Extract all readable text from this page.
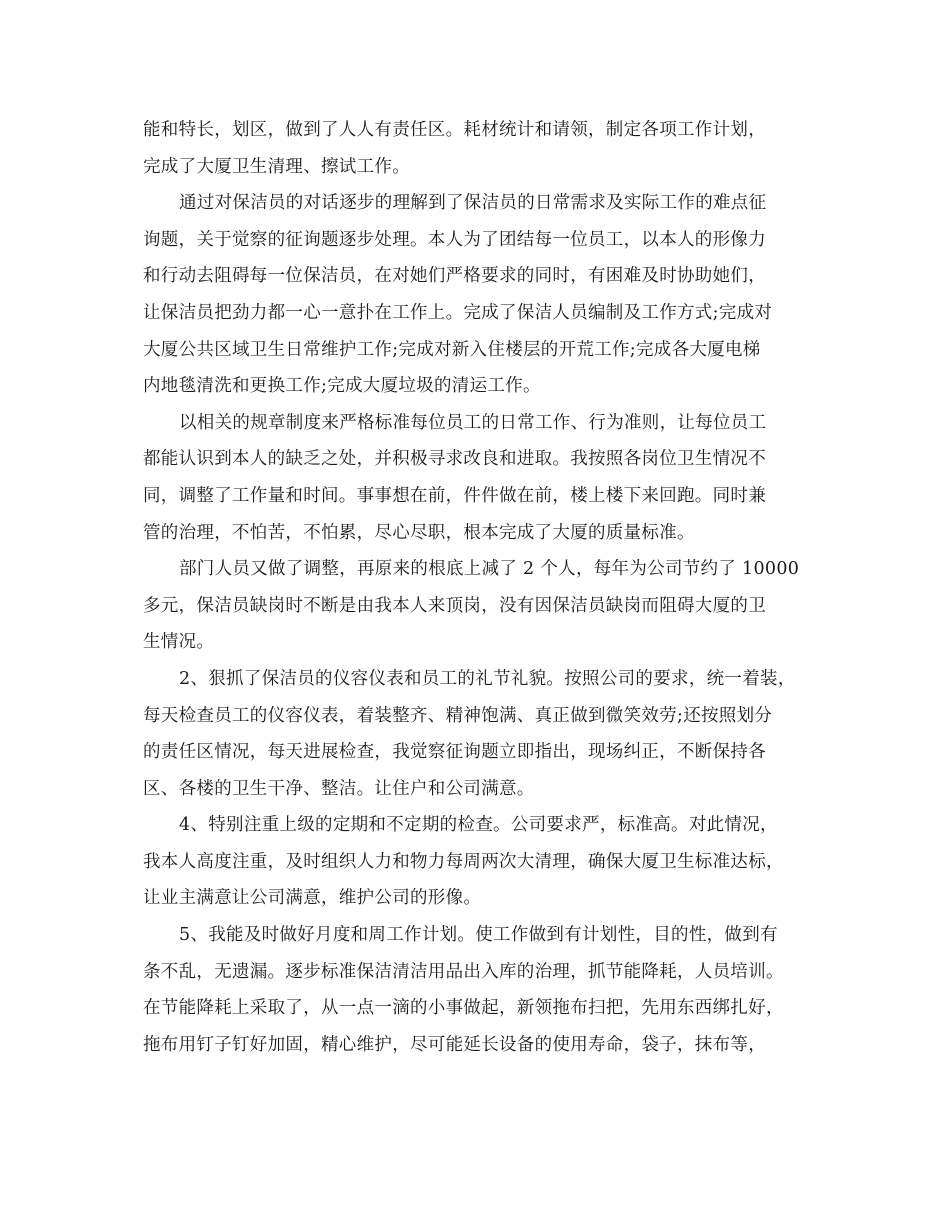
能和特长，划区，做到了人人有责任区。耗材统计和请领，制定各项工作计划，
完成了大厦卫生清理、擦试工作。
通过对保洁员的对话逐步的理解到了保洁员的日常需求及实际工作的难点征
询题，关于觉察的征询题逐步处理。本人为了团结每一位员工，以本人的形像力
和行动去阻碍每一位保洁员，在对她们严格要求的同时，有困难及时协助她们，
让保洁员把劲力都一心一意扑在工作上。完成了保洁人员编制及工作方式;完成对
大厦公共区域卫生日常维护工作;完成对新入住楼层的开荒工作;完成各大厦电梯
内地毯清洗和更换工作;完成大厦垃圾的清运工作。
以相关的规章制度来严格标准每位员工的日常工作、行为准则，让每位员工
都能认识到本人的缺乏之处，并积极寻求改良和进取。我按照各岗位卫生情况不
同，调整了工作量和时间。事事想在前，件件做在前，楼上楼下来回跑。同时兼
管的治理，不怕苦，不怕累，尽心尽职，根本完成了大厦的质量标准。
部门人员又做了调整，再原来的根底上减了 2 个人，每年为公司节约了 10000
多元，保洁员缺岗时不断是由我本人来顶岗，没有因保洁员缺岗而阻碍大厦的卫
生情况。
2、狠抓了保洁员的仪容仪表和员工的礼节礼貌。按照公司的要求，统一着装，
每天检查员工的仪容仪表，着装整齐、精神饱满、真正做到微笑效劳;还按照划分
的责任区情况，每天进展检查，我觉察征询题立即指出，现场纠正，不断保持各
区、各楼的卫生干净、整洁。让住户和公司满意。
4、特别注重上级的定期和不定期的检查。公司要求严，标准高。对此情况，
我本人高度注重，及时组织人力和物力每周两次大清理，确保大厦卫生标准达标，
让业主满意让公司满意，维护公司的形像。
5、我能及时做好月度和周工作计划。使工作做到有计划性，目的性，做到有
条不乱，无遗漏。逐步标准保洁清洁用品出入库的治理，抓节能降耗，人员培训。
在节能降耗上采取了，从一点一滴的小事做起，新领拖布扫把，先用东西绑扎好，
拖布用钉子钉好加固，精心维护，尽可能延长设备的使用寿命，袋子，抹布等，
